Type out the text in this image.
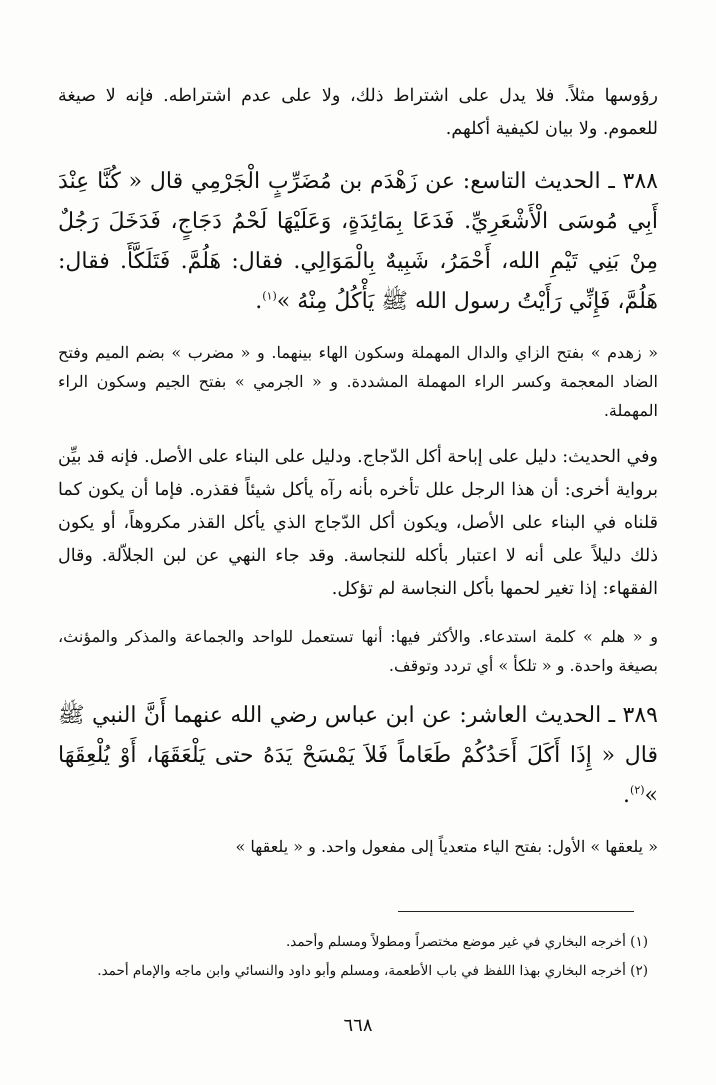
رؤوسها مثلاً. فلا يدل على اشتراط ذلك، ولا على عدم اشتراطه. فإنه لا صيغة للعموم. ولا بيان لكيفية أكلهم.

٣٨٨ ـ الحديث التاسع: عن زَهْدَم بن مُضَرِّبٍ الْجَرْمِي قال « كُنَّا عِنْدَ أَبِي مُوسَى الْأَشْعَرِيِّ. فَدَعَا بِمَائِدَةٍ، وَعَلَيْهَا لَحْمُ دَجَاجٍ، فَدَخَلَ رَجُلٌ مِنْ بَنِي تَيْمِ الله، أَحْمَرُ، شَبِيهٌ بِالْمَوَالِي. فقال: هَلُمَّ. فَتَلَكَّأَ. فقال: هَلُمَّ، فَإِنِّي رَأَيْتُ رسول الله ﷺ يَأْكُلُ مِنْهُ »$^{(١)}$.

« زهدم » بفتح الزاي والدال المهملة وسكون الهاء بينهما. و « مضرب » بضم الميم وفتح الضاد المعجمة وكسر الراء المهملة المشددة. و « الجرمي » بفتح الجيم وسكون الراء المهملة.

وفي الحديث: دليل على إباحة أكل الدّجاج. ودليل على البناء على الأصل. فإنه قد بيِّن برواية أخرى: أن هذا الرجل علل تأخره بأنه رآه يأكل شيئاً فقذره. فإما أن يكون كما قلناه في البناء على الأصل، ويكون أكل الدّجاج الذي يأكل القذر مكروهاً، أو يكون ذلك دليلاً على أنه لا اعتبار بأكله للنجاسة. وقد جاء النهي عن لبن الجلاّلة. وقال الفقهاء: إذا تغير لحمها بأكل النجاسة لم تؤكل.

و « هلم » كلمة استدعاء. والأكثر فيها: أنها تستعمل للواحد والجماعة والمذكر والمؤنث، بصيغة واحدة. و « تلكأ » أي تردد وتوقف.

٣٨٩ ـ الحديث العاشر: عن ابن عباس رضي الله عنهما أَنَّ النبي ﷺ قال « إِذَا أَكَلَ أَحَدُكُمْ طَعَاماً فَلاَ يَمْسَحْ يَدَهُ حتى يَلْعَقَهَا، أَوْ يُلْعِقَهَا »$^{(٢)}$.

« يلعقها » الأول: بفتح الياء متعدياً إلى مفعول واحد. و « يلعقها »

(١) أخرجه البخاري في غير موضع مختصراً ومطولاً ومسلم وأحمد.

(٢) أخرجه البخاري بهذا اللفظ في باب الأطعمة، ومسلم وأبو داود والنسائي وابن ماجه والإمام أحمد.

٦٦٨
